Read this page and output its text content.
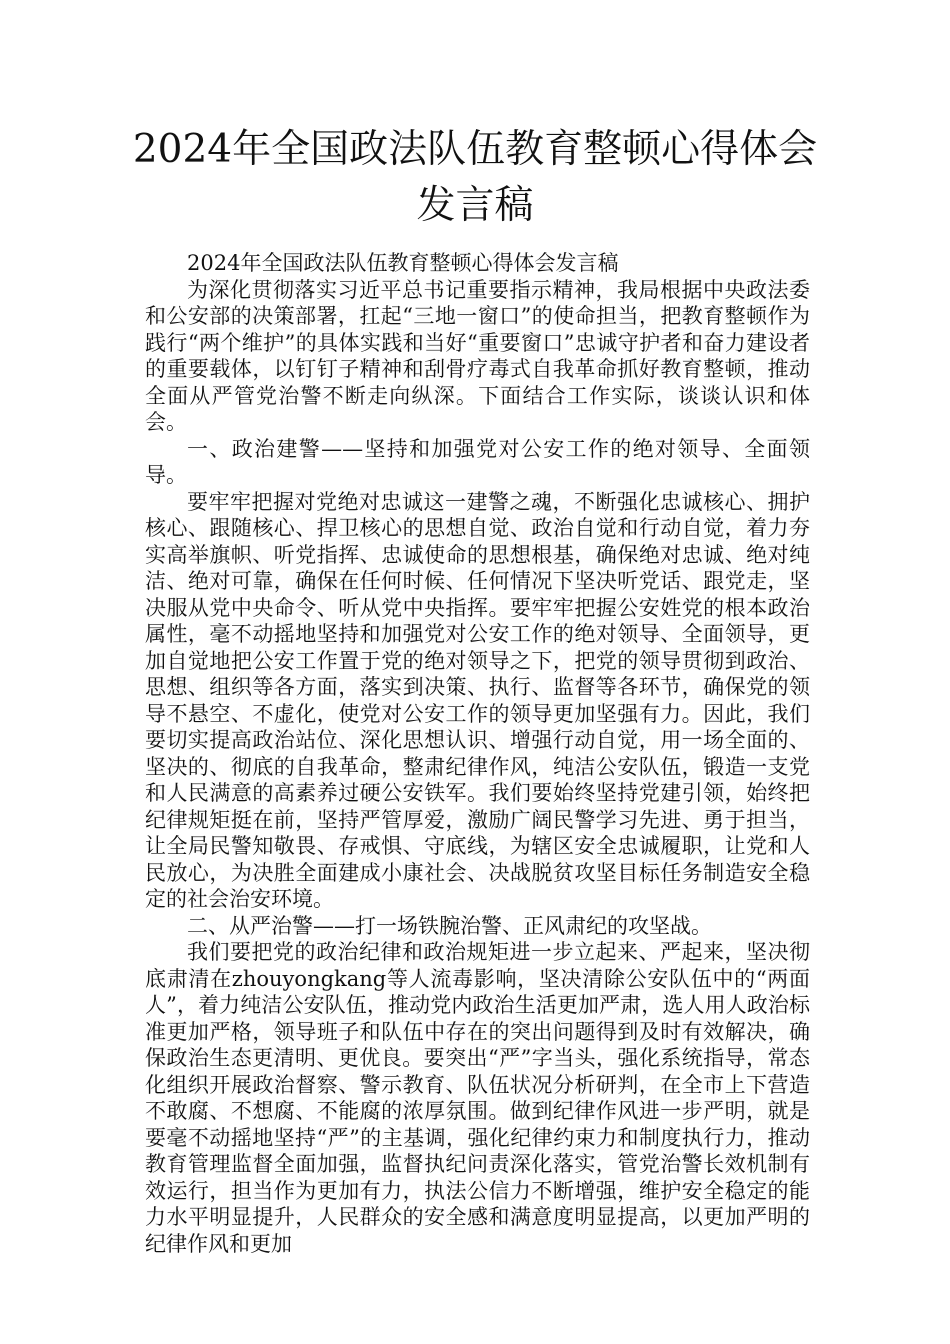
2024年全国政法队伍教育整顿心得体会发言稿

2024年全国政法队伍教育整顿心得体会发言稿

为深化贯彻落实习近平总书记重要指示精神，我局根据中央政法委和公安部的决策部署，扛起“三地一窗口”的使命担当，把教育整顿作为践行“两个维护”的具体实践和当好“重要窗口”忠诚守护者和奋力建设者的重要载体，以钉钉子精神和刮骨疗毒式自我革命抓好教育整顿，推动全面从严管党治警不断走向纵深。下面结合工作实际，谈谈认识和体会。

一、政治建警——坚持和加强党对公安工作的绝对领导、全面领导。

要牢牢把握对党绝对忠诚这一建警之魂，不断强化忠诚核心、拥护核心、跟随核心、捍卫核心的思想自觉、政治自觉和行动自觉，着力夯实高举旗帜、听党指挥、忠诚使命的思想根基，确保绝对忠诚、绝对纯洁、绝对可靠，确保在任何时候、任何情况下坚决听党话、跟党走，坚决服从党中央命令、听从党中央指挥。要牢牢把握公安姓党的根本政治属性，毫不动摇地坚持和加强党对公安工作的绝对领导、全面领导，更加自觉地把公安工作置于党的绝对领导之下，把党的领导贯彻到政治、思想、组织等各方面，落实到决策、执行、监督等各环节，确保党的领导不悬空、不虚化，使党对公安工作的领导更加坚强有力。因此，我们要切实提高政治站位、深化思想认识、增强行动自觉，用一场全面的、坚决的、彻底的自我革命，整肃纪律作风，纯洁公安队伍，锻造一支党和人民满意的高素养过硬公安铁军。我们要始终坚持党建引领，始终把纪律规矩挺在前，坚持严管厚爱，激励广阔民警学习先进、勇于担当，让全局民警知敬畏、存戒惧、守底线，为辖区安全忠诚履职，让党和人民放心，为决胜全面建成小康社会、决战脱贫攻坚目标任务制造安全稳定的社会治安环境。

二、从严治警——打一场铁腕治警、正风肃纪的攻坚战。

我们要把党的政治纪律和政治规矩进一步立起来、严起来，坚决彻底肃清在zhouyongkang等人流毒影响，坚决清除公安队伍中的“两面人”，着力纯洁公安队伍，推动党内政治生活更加严肃，选人用人政治标准更加严格，领导班子和队伍中存在的突出问题得到及时有效解决，确保政治生态更清明、更优良。要突出“严”字当头，强化系统指导，常态化组织开展政治督察、警示教育、队伍状况分析研判，在全市上下营造不敢腐、不想腐、不能腐的浓厚氛围。做到纪律作风进一步严明，就是要毫不动摇地坚持“严”的主基调，强化纪律约束力和制度执行力，推动教育管理监督全面加强，监督执纪问责深化落实，管党治警长效机制有效运行，担当作为更加有力，执法公信力不断增强，维护安全稳定的能力水平明显提升，人民群众的安全感和满意度明显提高，以更加严明的纪律作风和更加
